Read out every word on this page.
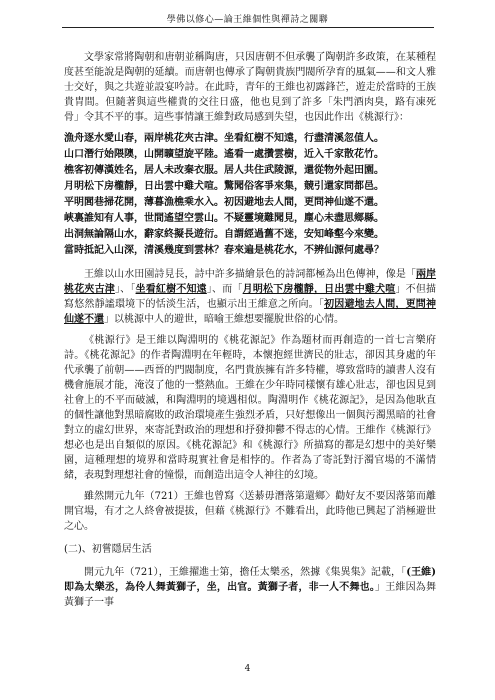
學佛以修心—論王維個性與禪詩之關聯

文學家常將陶朝和唐朝並稱陶唐，只因唐朝不但承襲了陶朝許多政策，在某種程度甚至能說是陶朝的延續。而唐朝也傳承了陶朝貴族門閥所孕育的風氣——和文人雅士交好，與之共遊並設宴吟詩。在此時，青年的王維也初露鋒芒，遊走於當時的王族貴胄間。但隨著與這些權貴的交往日盛，他也見到了許多「朱門酒肉臭，路有凍死骨」令其不平的事。這些事情讓王維對政局感到失望，也因此作出《桃源行》：

漁舟逐水愛山春，兩岸桃花夾古津。坐看紅樹不知遠，行盡清溪忽值人。
山口潛行始隈隩，山開曠望旋平陸。遙看一處攢雲樹，近入千家散花竹。
樵客初傳漢姓名，居人未改秦衣服。居人共住武陵源，還從物外起田園。
月明松下房櫳靜，日出雲中雞犬喧。驚聞俗客爭來集，競引還家問都邑。
平明閭巷掃花開，薄暮漁樵乘水入。初因避地去人間，更問神仙遂不還。
峽裏誰知有人事，世間遙望空雲山。不疑靈境難聞見，塵心未盡思鄉縣。
出洞無論隔山水，辭家終擬長遊衍。自謂經過舊不迷，安知峰壑今來變。
當時抵記入山深，清溪幾度到雲林？春來遍是桃花水，不辨仙源何處尋？

王維以山水田園詩見長，詩中許多描繪景色的詩詞都極為出色傳神，像是「兩岸桃花夾古津」、「坐看紅樹不知遠」、而「月明松下房櫳靜，日出雲中雞犬喧」不但描寫悠然靜謐環境下的恬淡生活，也顯示出王維意之所向。「初因避地去人間，更問神仙遂不還」以桃源中人的避世，暗喻王維想要擺脫世俗的心情。

《桃源行》是王維以陶淵明的《桃花源記》作為題材而再創造的一首七言樂府詩。《桃花源記》的作者陶淵明在年輕時，本懷抱經世濟民的壯志，卻因其身處的年代承襲了前朝——西晉的門閥制度，名門貴族擁有許多特權，導致當時的讀書人沒有機會施展才能，淹沒了他的一整熱血。王維在少年時同樣懷有雄心壯志，卻也因見到社會上的不平而破滅，和陶淵明的境遇相似。陶淵明作《桃花源記》，是因為他耿直的個性讓他對黑暗腐敗的政治環境產生強烈矛盾，只好想像出一個與污濁黑暗的社會對立的虛幻世界，來寄託對政治的理想和抒發抑鬱不得志的心情。王維作《桃源行》想必也是出自類似的原因。《桃花源記》和《桃源行》所描寫的都是幻想中的美好樂園，這種理想的境界和當時現實社會是相悖的。作者為了寄託對汙濁官場的不滿情緒，表現對理想社會的憧憬，而創造出這令人神往的幻境。

雖然開元九年（721）王維也曾寫〈送綦毋潛落第還鄉〉勸好友不要因落第而離開官場，有才之人終會被提拔，但藉《桃源行》不難看出，此時他已興起了消極避世之心。

(二)、初嘗隱居生活

開元九年（721），王維擢進士第，擔任太樂丞，然據《集異集》記載，「(王維)即為太樂丞，為伶人舞黃獅子，坐，出官。黃獅子者，非一人不舞也。」王維因為舞黃獅子一事

4
